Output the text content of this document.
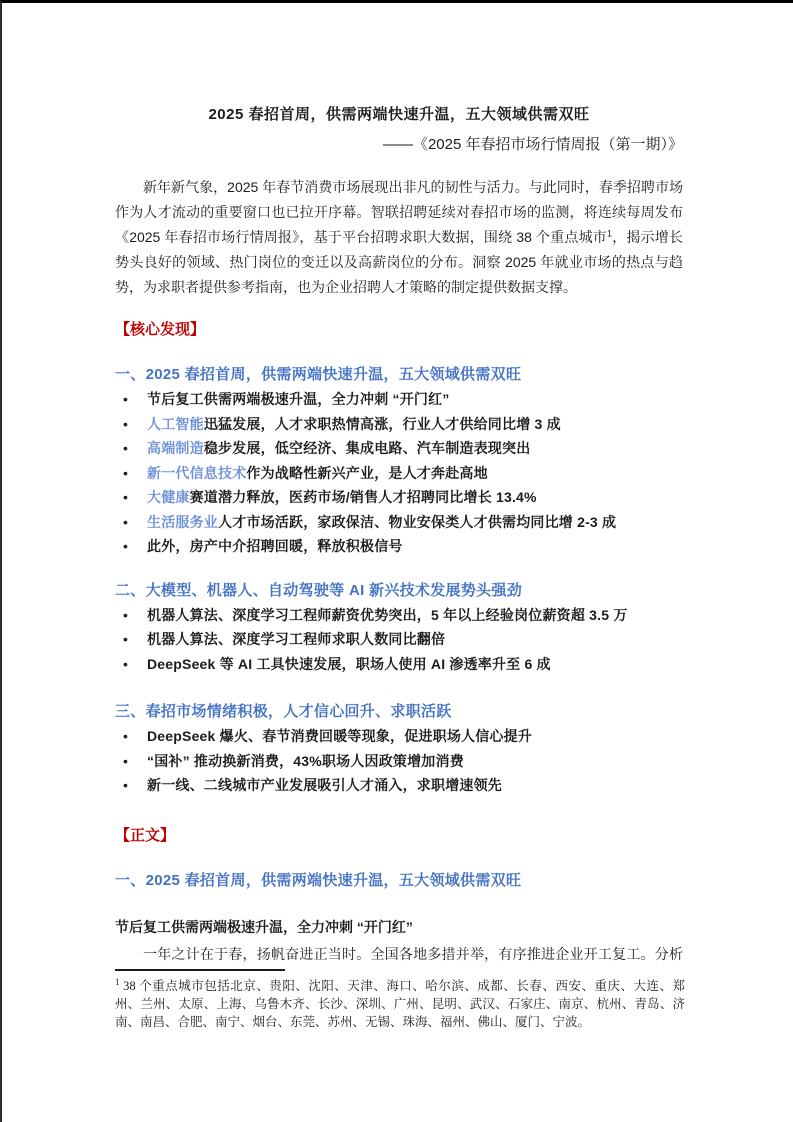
2025 春招首周，供需两端快速升温，五大领域供需双旺
——《2025 年春招市场行情周报（第一期）》

新年新气象，2025 年春节消费市场展现出非凡的韧性与活力。与此同时，春季招聘市场作为人才流动的重要窗口也已拉开序幕。智联招聘延续对春招市场的监测，将连续每周发布《2025 年春招市场行情周报》，基于平台招聘求职大数据，围绕 38 个重点城市$^1$，揭示增长势头良好的领域、热门岗位的变迁以及高薪岗位的分布。洞察 2025 年就业市场的热点与趋势，为求职者提供参考指南，也为企业招聘人才策略的制定提供数据支撑。

【核心发现】
一、2025 春招首周，供需两端快速升温，五大领域供需双旺
• 节后复工供需两端极速升温，全力冲刺 “开门红”
• 人工智能迅猛发展，人才求职热情高涨，行业人才供给同比增 3 成
• 高端制造稳步发展，低空经济、集成电路、汽车制造表现突出
• 新一代信息技术作为战略性新兴产业，是人才奔赴高地
• 大健康赛道潜力释放，医药市场/销售人才招聘同比增长 13.4%
• 生活服务业人才市场活跃，家政保洁、物业安保类人才供需均同比增 2-3 成
• 此外，房产中介招聘回暖，释放积极信号
二、大模型、机器人、自动驾驶等 AI 新兴技术发展势头强劲
• 机器人算法、深度学习工程师薪资优势突出，5 年以上经验岗位薪资超 3.5 万
• 机器人算法、深度学习工程师求职人数同比翻倍
• DeepSeek 等 AI 工具快速发展，职场人使用 AI 渗透率升至 6 成
三、春招市场情绪积极，人才信心回升、求职活跃
• DeepSeek 爆火、春节消费回暖等现象，促进职场人信心提升
• “国补” 推动换新消费，43%职场人因政策增加消费
• 新一线、二线城市产业发展吸引人才涌入，求职增速领先
【正文】
一、2025 春招首周，供需两端快速升温，五大领域供需双旺
节后复工供需两端极速升温，全力冲刺 “开门红”

一年之计在于春，扬帆奋进正当时。全国各地多措并举，有序推进企业开工复工。分析

$^1$ 38 个重点城市包括北京、贵阳、沈阳、天津、海口、哈尔滨、成都、长春、西安、重庆、大连、郑州、兰州、太原、上海、乌鲁木齐、长沙、深圳、广州、昆明、武汉、石家庄、南京、杭州、青岛、济南、南昌、合肥、南宁、烟台、东莞、苏州、无锡、珠海、福州、佛山、厦门、宁波。
